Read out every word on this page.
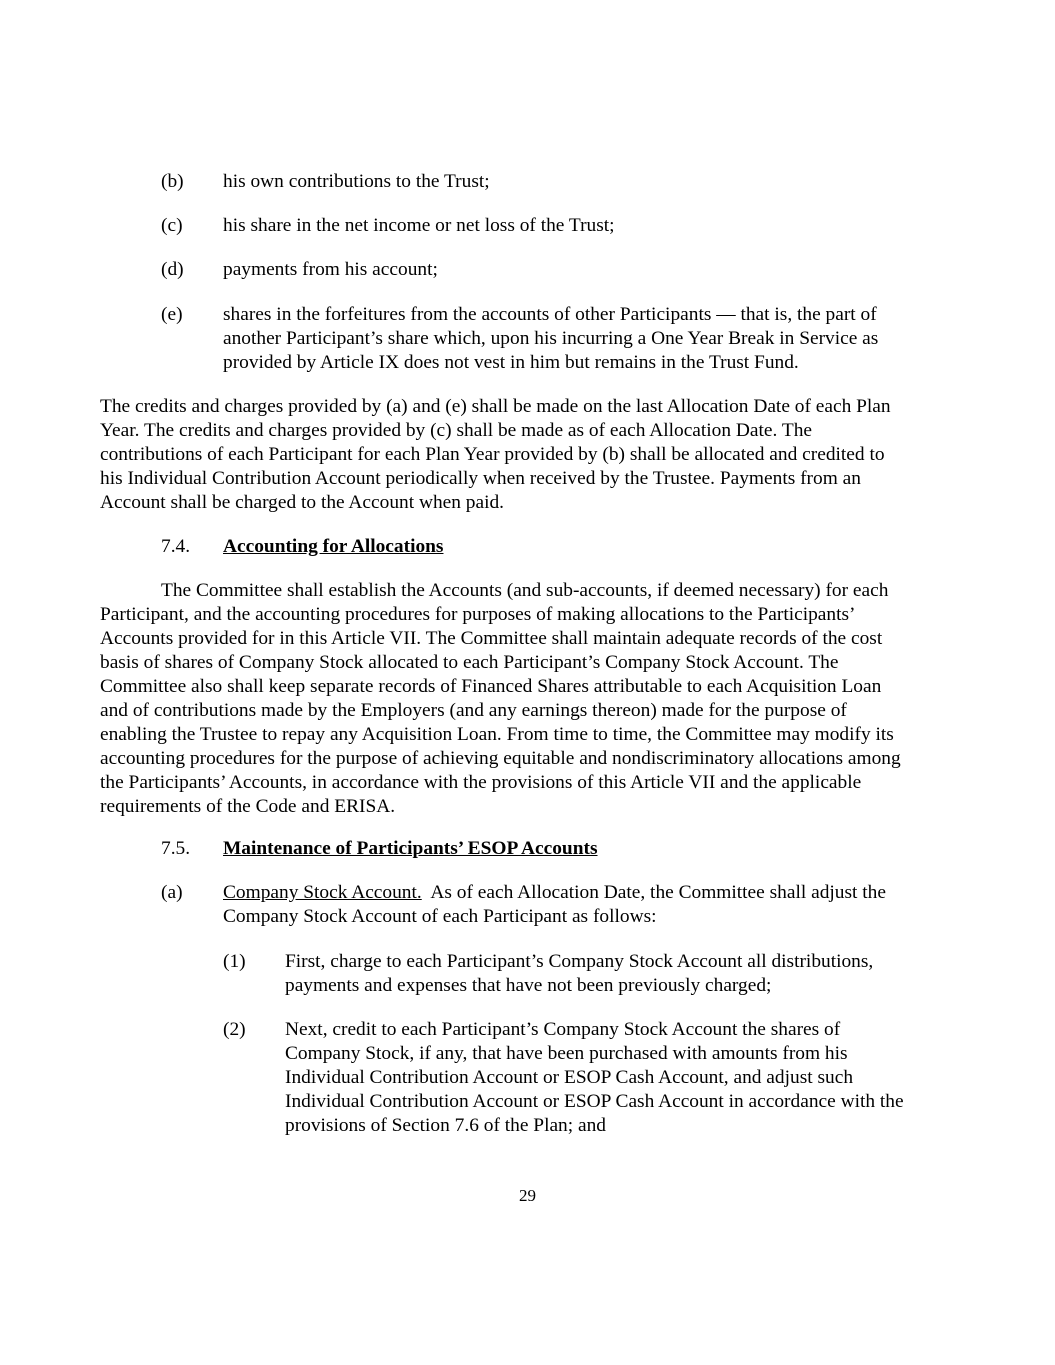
(b) his own contributions to the Trust;
(c) his share in the net income or net loss of the Trust;
(d) payments from his account;
(e) shares in the forfeitures from the accounts of other Participants — that is, the part of
another Participant’s share which, upon his incurring a One Year Break in Service as
provided by Article IX does not vest in him but remains in the Trust Fund.
The credits and charges provided by (a) and (e) shall be made on the last Allocation Date of each Plan
Year. The credits and charges provided by (c) shall be made as of each Allocation Date. The
contributions of each Participant for each Plan Year provided by (b) shall be allocated and credited to
his Individual Contribution Account periodically when received by the Trustee. Payments from an
Account shall be charged to the Account when paid.
7.4. Accounting for Allocations
The Committee shall establish the Accounts (and sub-accounts, if deemed necessary) for each
Participant, and the accounting procedures for purposes of making allocations to the Participants’
Accounts provided for in this Article VII. The Committee shall maintain adequate records of the cost
basis of shares of Company Stock allocated to each Participant’s Company Stock Account. The
Committee also shall keep separate records of Financed Shares attributable to each Acquisition Loan
and of contributions made by the Employers (and any earnings thereon) made for the purpose of
enabling the Trustee to repay any Acquisition Loan. From time to time, the Committee may modify its
accounting procedures for the purpose of achieving equitable and nondiscriminatory allocations among
the Participants’ Accounts, in accordance with the provisions of this Article VII and the applicable
requirements of the Code and ERISA.
7.5. Maintenance of Participants’ ESOP Accounts
(a) Company Stock Account.  As of each Allocation Date, the Committee shall adjust the
Company Stock Account of each Participant as follows:
(1) First, charge to each Participant’s Company Stock Account all distributions,
payments and expenses that have not been previously charged;
(2) Next, credit to each Participant’s Company Stock Account the shares of
Company Stock, if any, that have been purchased with amounts from his
Individual Contribution Account or ESOP Cash Account, and adjust such
Individual Contribution Account or ESOP Cash Account in accordance with the
provisions of Section 7.6 of the Plan; and
29
